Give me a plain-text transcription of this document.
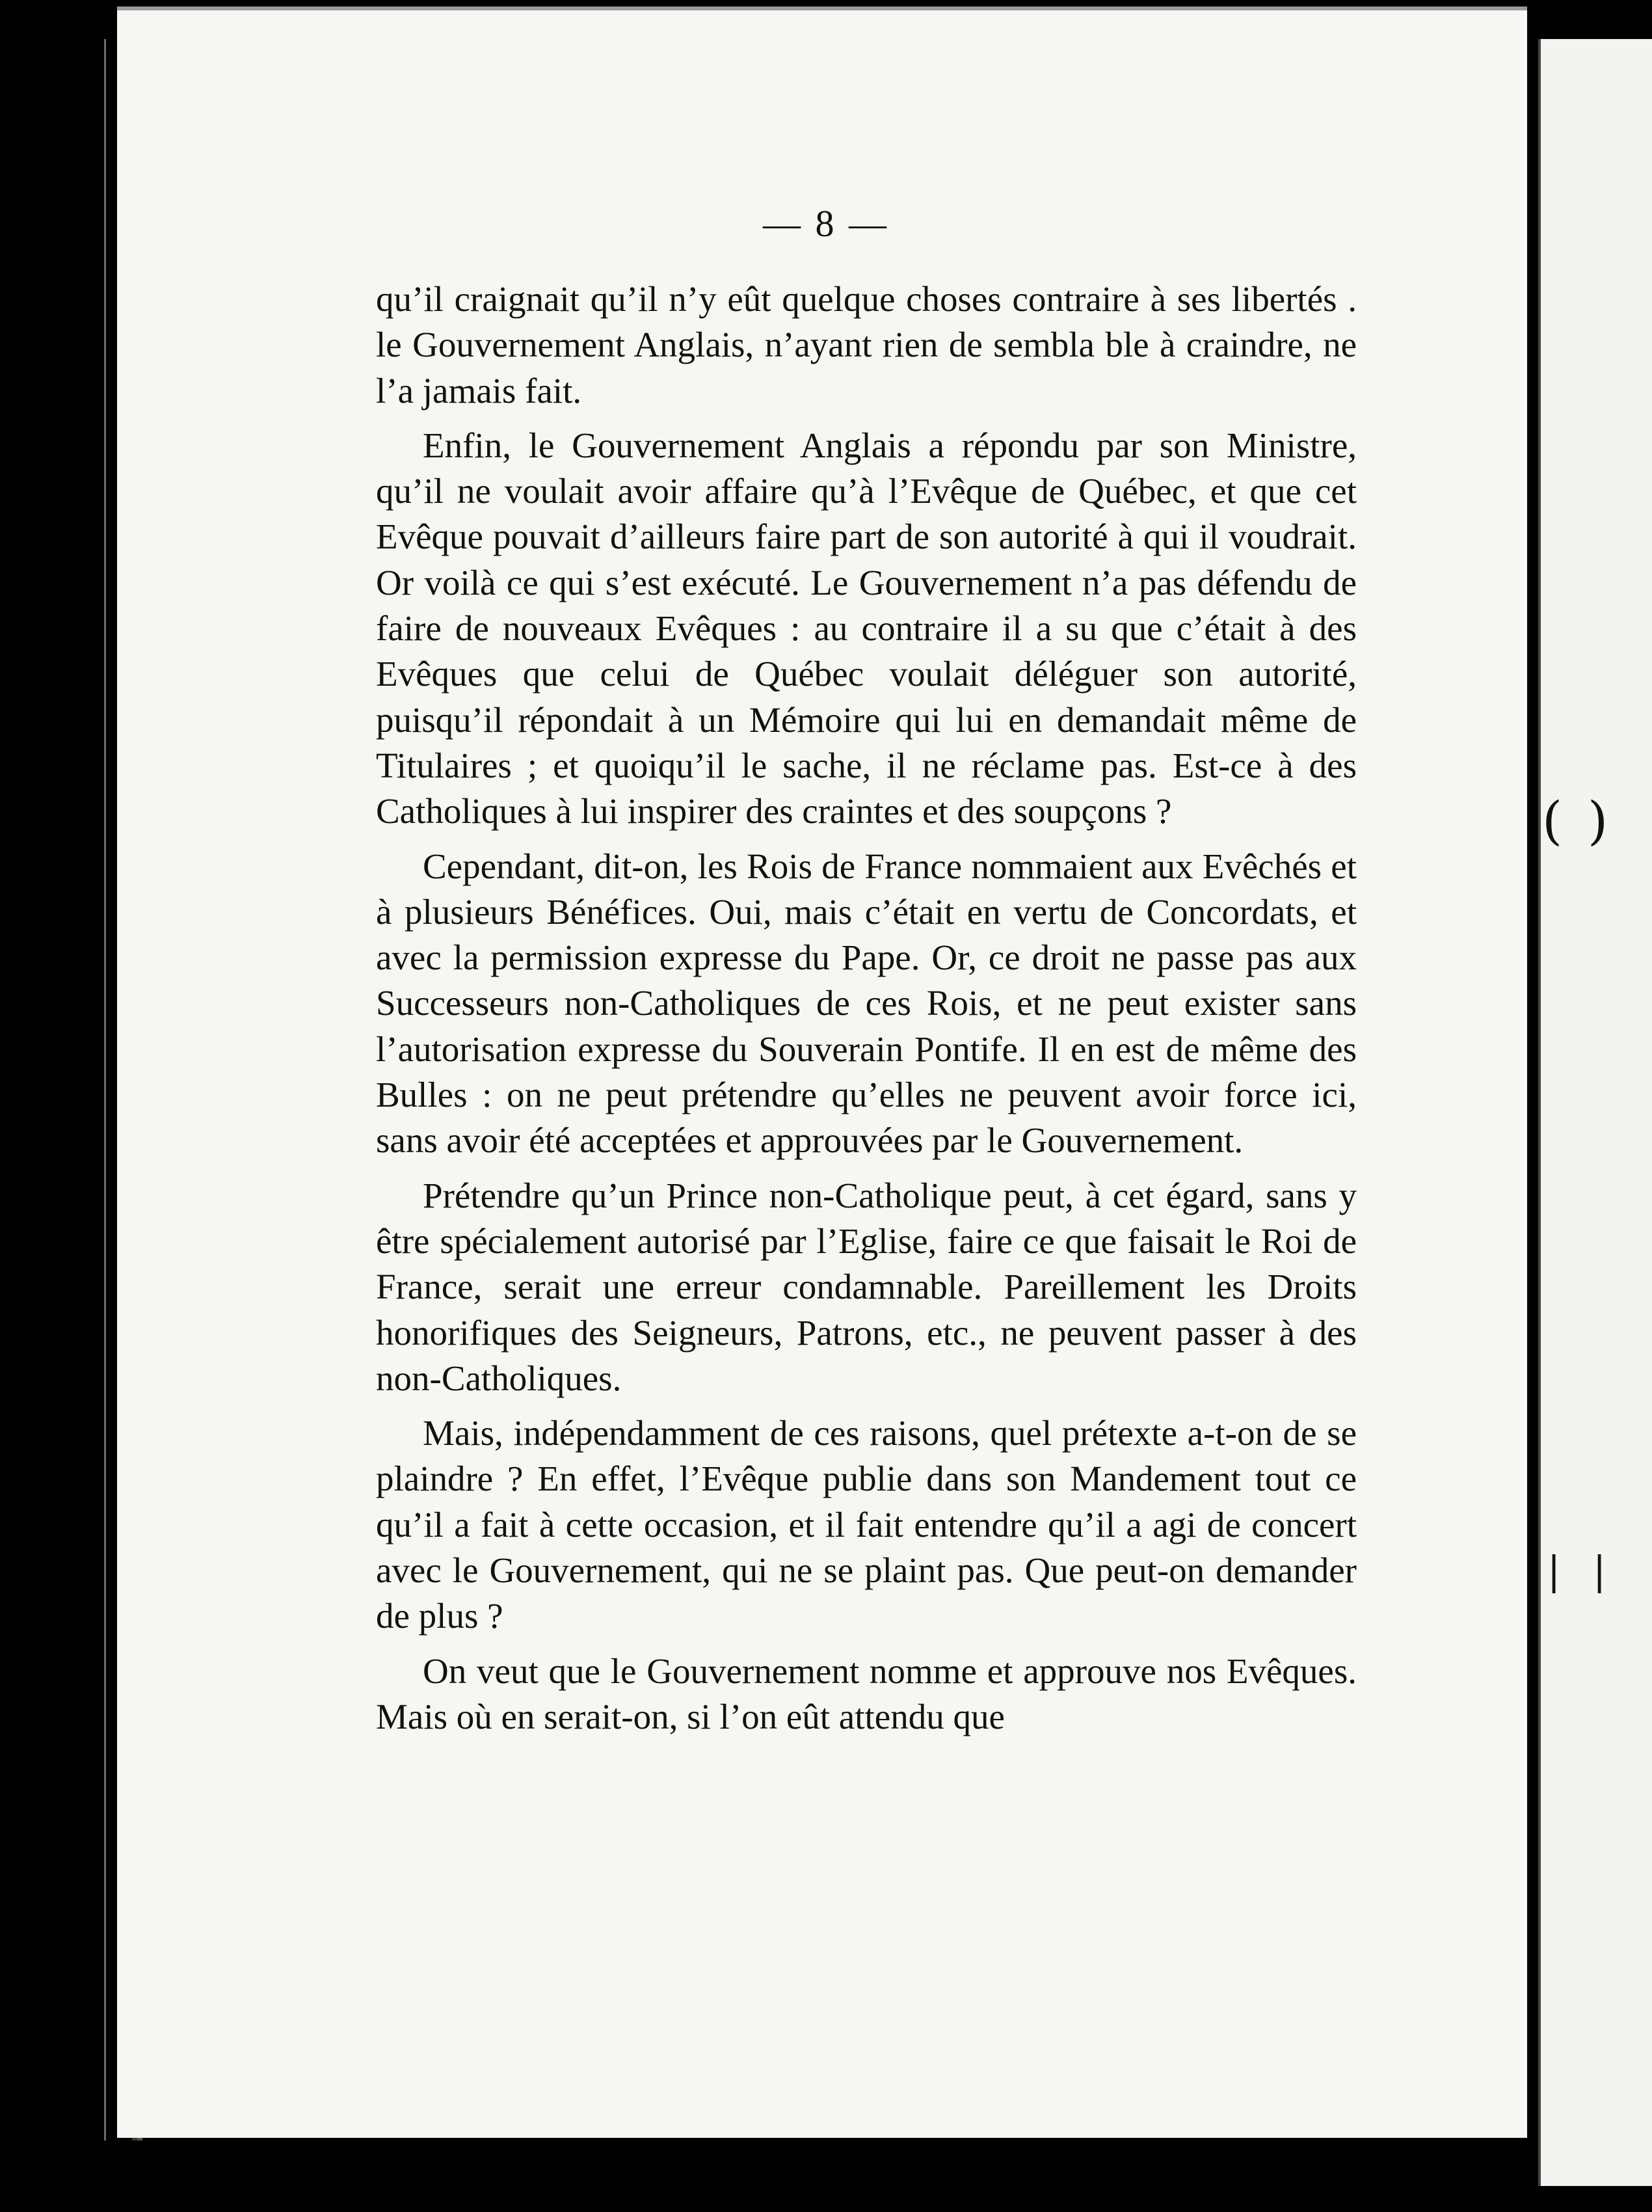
( )
| |
— 8 —

qu’il craignait qu’il n’y eût quelque choses contraire à ses libertés . le Gouvernement Anglais, n’ayant rien de sembla ble à craindre, ne l’a jamais fait.

Enfin, le Gouvernement Anglais a répondu par son Ministre, qu’il ne voulait avoir affaire qu’à l’Evêque de Québec, et que cet Evêque pouvait d’ailleurs faire part de son autorité à qui il voudrait. Or voilà ce qui s’est exécuté. Le Gouvernement n’a pas défendu de faire de nouveaux Evêques : au contraire il a su que c’était à des Evêques que celui de Québec voulait déléguer son autorité, puisqu’il répondait à un Mémoire qui lui en demandait même de Titulaires ; et quoiqu’il le sache, il ne réclame pas. Est-ce à des Catholiques à lui inspirer des craintes et des soupçons ?

Cependant, dit-on, les Rois de France nommaient aux Evêchés et à plusieurs Bénéfices. Oui, mais c’était en vertu de Concordats, et avec la permission expresse du Pape. Or, ce droit ne passe pas aux Successeurs non-Catholiques de ces Rois, et ne peut exister sans l’autorisation expresse du Souverain Pontife. Il en est de même des Bulles : on ne peut prétendre qu’elles ne peuvent avoir force ici, sans avoir été acceptées et approuvées par le Gouvernement.

Prétendre qu’un Prince non-Catholique peut, à cet égard, sans y être spécialement autorisé par l’Eglise, faire ce que faisait le Roi de France, serait une erreur condamnable. Pareillement les Droits honorifiques des Seigneurs, Patrons, etc., ne peuvent passer à des non-Catholiques.

Mais, indépendamment de ces raisons, quel prétexte a-t-on de se plaindre ? En effet, l’Evêque publie dans son Mandement tout ce qu’il a fait à cette occasion, et il fait entendre qu’il a agi de concert avec le Gouvernement, qui ne se plaint pas. Que peut-on demander de plus ?

On veut que le Gouvernement nomme et approuve nos Evêques. Mais où en serait-on, si l’on eût attendu que
